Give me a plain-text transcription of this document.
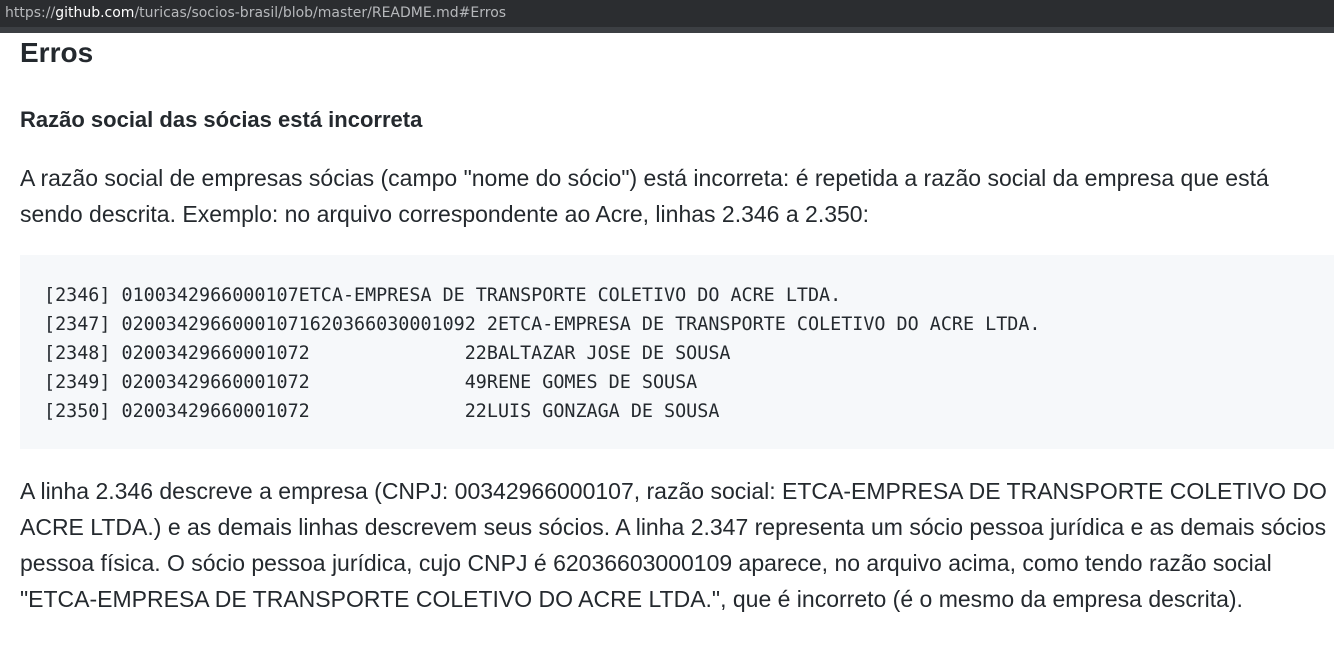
https://github.com/turicas/socios-brasil/blob/master/README.md#Erros
Erros
Razão social das sócias está incorreta

A razão social de empresas sócias (campo "nome do sócio") está incorreta: é repetida a razão social da empresa que está sendo descrita. Exemplo: no arquivo correspondente ao Acre, linhas 2.346 a 2.350:

[2346] 0100342966000107ETCA-EMPRESA DE TRANSPORTE COLETIVO DO ACRE LTDA.
[2347] 02003429660001071620366030001092 2ETCA-EMPRESA DE TRANSPORTE COLETIVO DO ACRE LTDA.
[2348] 02003429660001072              22BALTAZAR JOSE DE SOUSA
[2349] 02003429660001072              49RENE GOMES DE SOUSA
[2350] 02003429660001072              22LUIS GONZAGA DE SOUSA

A linha 2.346 descreve a empresa (CNPJ: 00342966000107, razão social: ETCA-EMPRESA DE TRANSPORTE COLETIVO DO ACRE LTDA.) e as demais linhas descrevem seus sócios. A linha 2.347 representa um sócio pessoa jurídica e as demais sócios pessoa física. O sócio pessoa jurídica, cujo CNPJ é 62036603000109 aparece, no arquivo acima, como tendo razão social "ETCA-EMPRESA DE TRANSPORTE COLETIVO DO ACRE LTDA.", que é incorreto (é o mesmo da empresa descrita).
